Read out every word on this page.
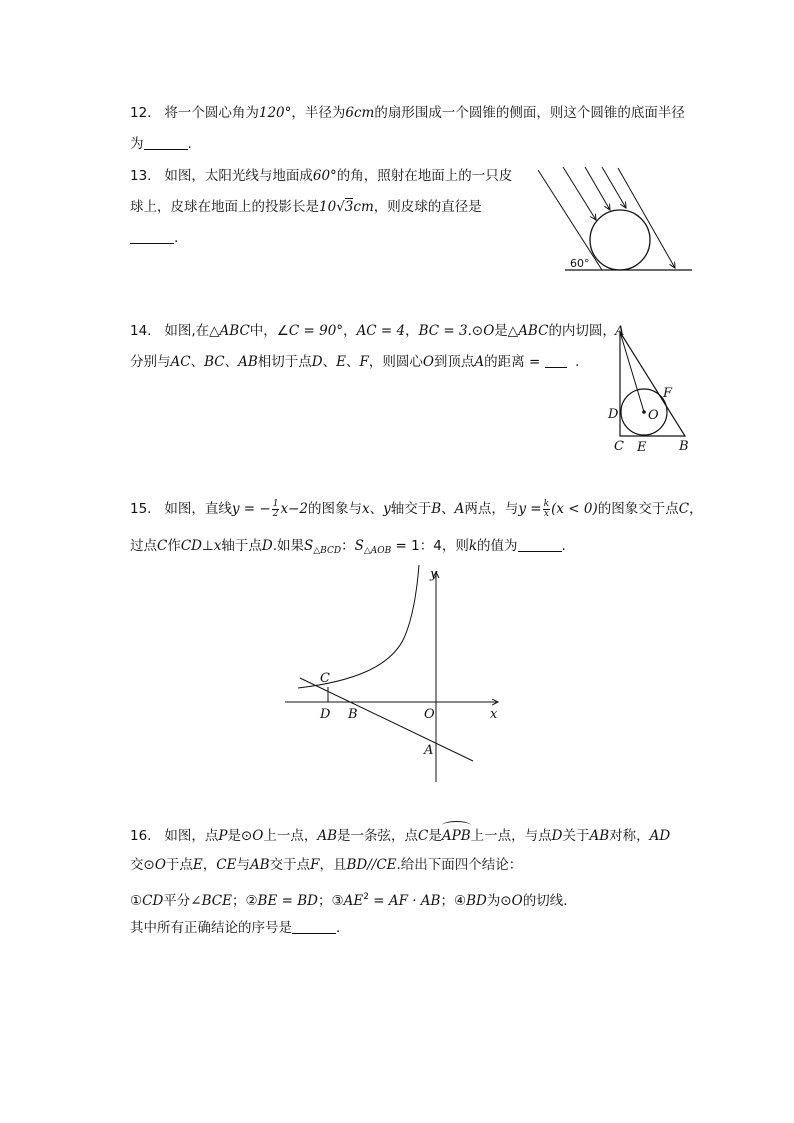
12. 将一个圆心角为120°，半径为6cm的扇形围成一个圆锥的侧面，则这个圆锥的底面半径
为	.
13. 如图，太阳光线与地面成60°的角，照射在地面上的一只皮
球上，皮球在地面上的投影长是10√3cm，则皮球的直径是
.
60°
14. 如图,在△ABC中，∠C = 90°，AC = 4，BC = 3.⊙O是△ABC的内切圆，
分别与AC、BC、AB相切于点D、E、F，则圆心O到顶点A的距离 =	.
A
D
C E	B
F
O
15. 如图，直线y = − $\frac{1}{2} x-2$的图象与x、y轴交于B、A两点，与$y = \frac{k}{x} (x < 0)$的图象交于点C，
过点C作CD⊥x轴于点D.如果$S_{\triangle BCD}$：$S_{\triangle AOB} = 1$：4，则k的值为	.
y
x
C
D B	O
A
16. 如图，点P是⊙O上一点，AB是一条弦，点C是APB上一点，与点D关于AB对称，AD
交⊙O于点E，CE与AB交于点F，且BD//CE.给出下面四个结论：
①CD平分∠BCE；②BE = BD；$③AE^2$ = AF · AB；④BD为⊙O的切线.
其中所有正确结论的序号是	.
